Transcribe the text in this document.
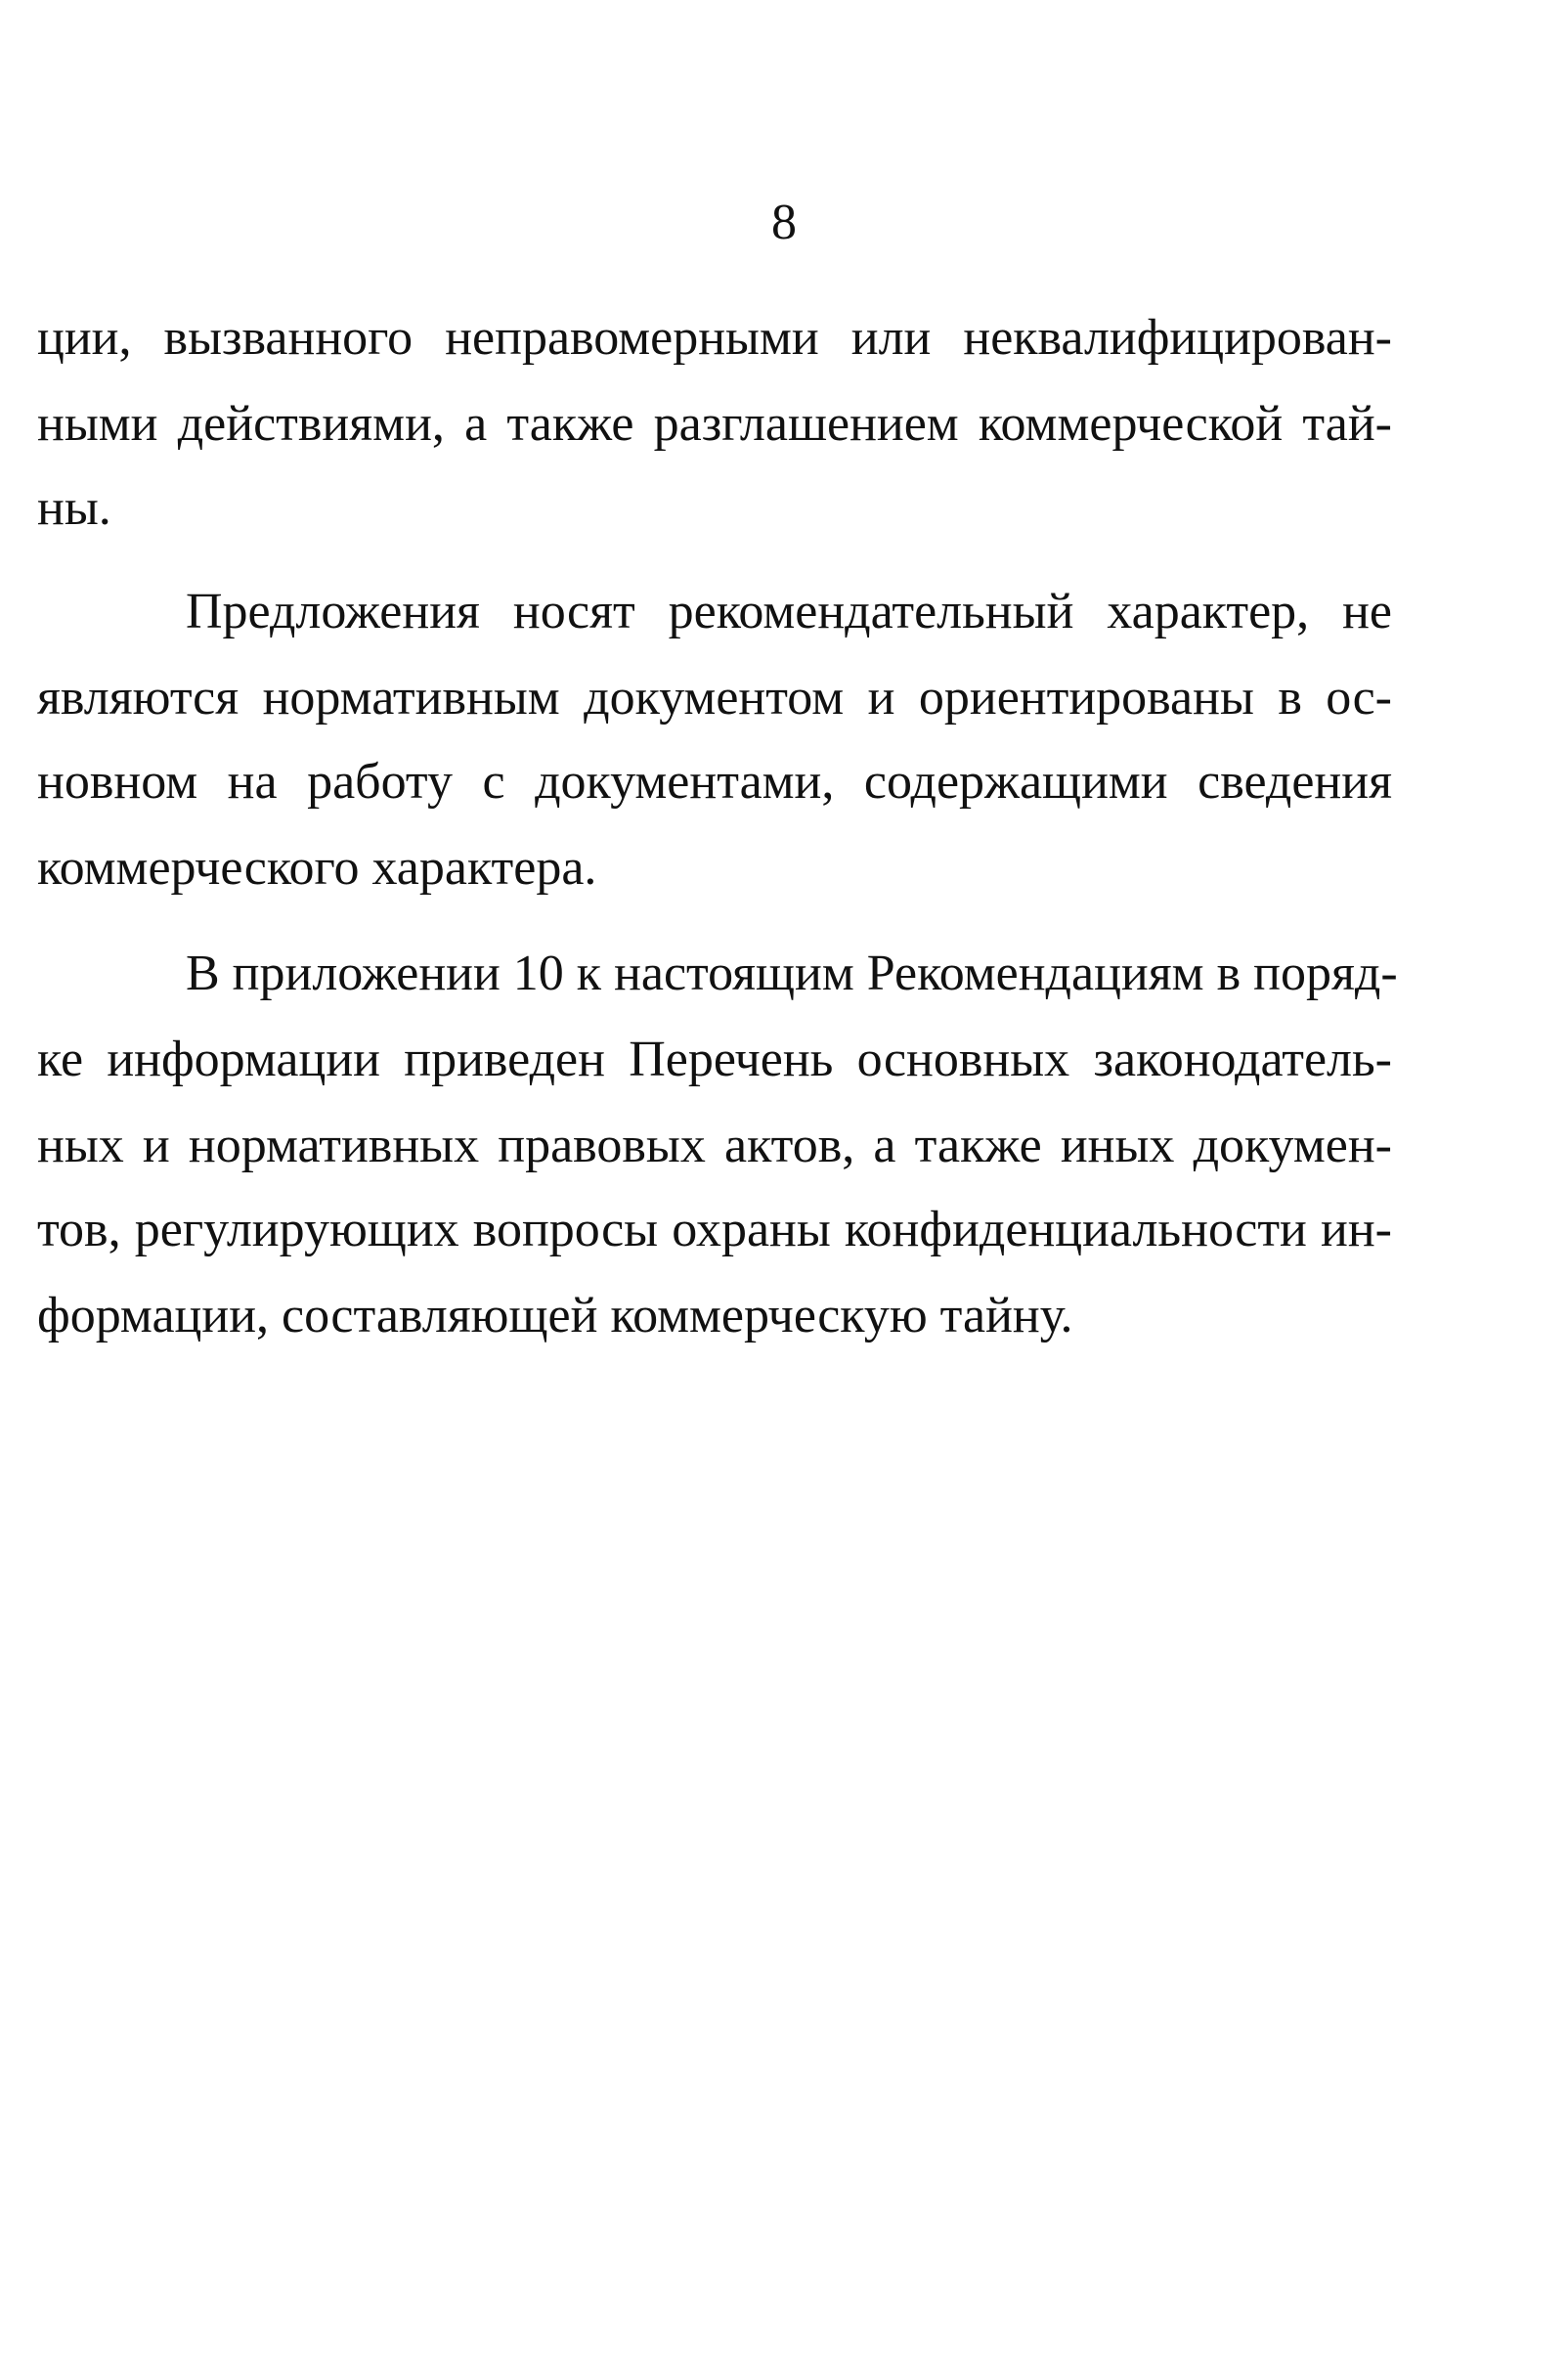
8
ции, вызванного неправомерными или неквалифицирован-
ными действиями, а также разглашением коммерческой тай-
ны.
Предложения носят рекомендательный характер, не
являются нормативным документом и ориентированы в ос-
новном на работу с документами, содержащими сведения
коммерческого характера.
В приложении 10 к настоящим Рекомендациям в поряд-
ке информации приведен Перечень основных законодатель-
ных и нормативных правовых актов, а также иных докумен-
тов, регулирующих вопросы охраны конфиденциальности ин-
формации, составляющей коммерческую тайну.
